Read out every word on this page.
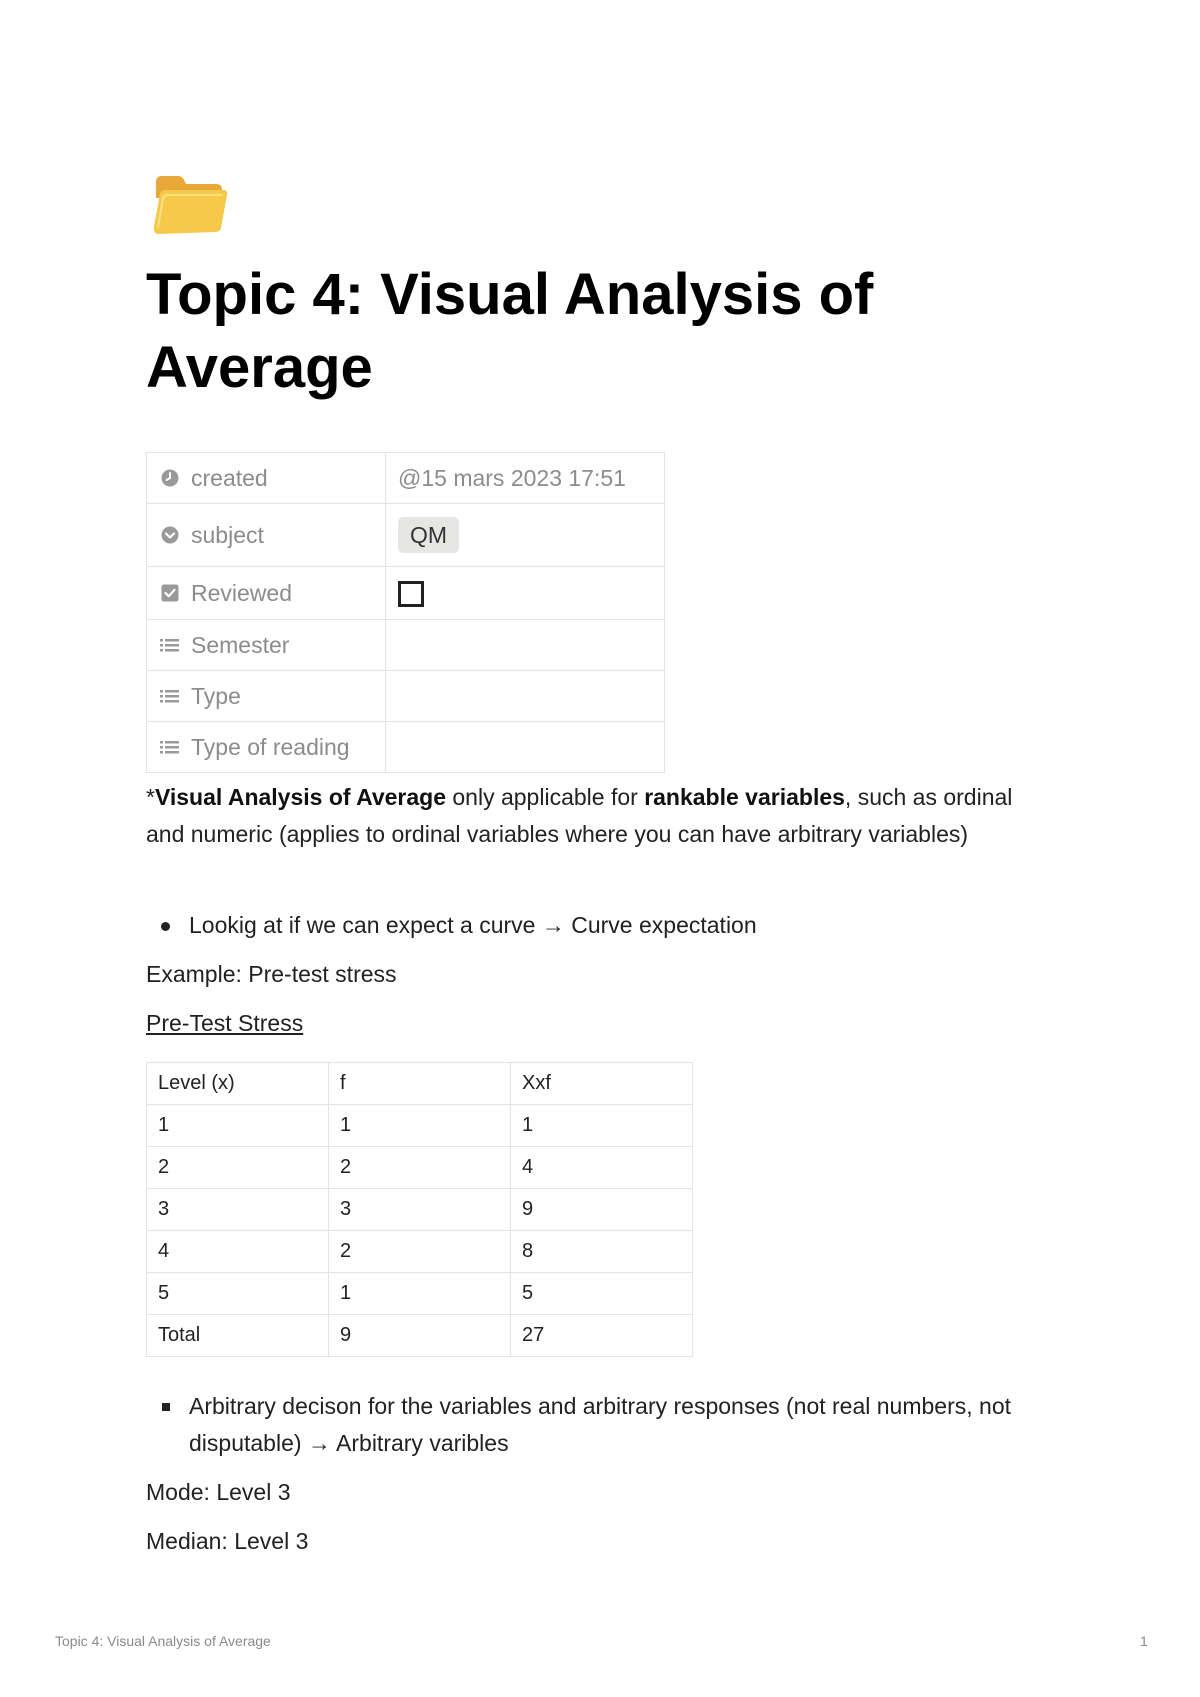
Topic 4: Visual Analysis of Average
created	@15 mars 2023 17:51

subject	QM

Reviewed	

Semester	

Type	

Type of reading	

*Visual Analysis of Average only applicable for rankable variables, such as ordinal and numeric (applies to ordinal variables where you can have arbitrary variables)

Lookig at if we can expect a curve → Curve expectation

Example: Pre-test stress

Pre-Test Stress

Level (x)	f	Xxf
1	1	1
2	2	4
3	3	9
4	2	8
5	1	5
Total	9	27
Arbitrary decison for the variables and arbitrary responses (not real numbers, not disputable) → Arbitrary varibles

Mode: Level 3

Median: Level 3

Topic 4: Visual Analysis of Average	1
